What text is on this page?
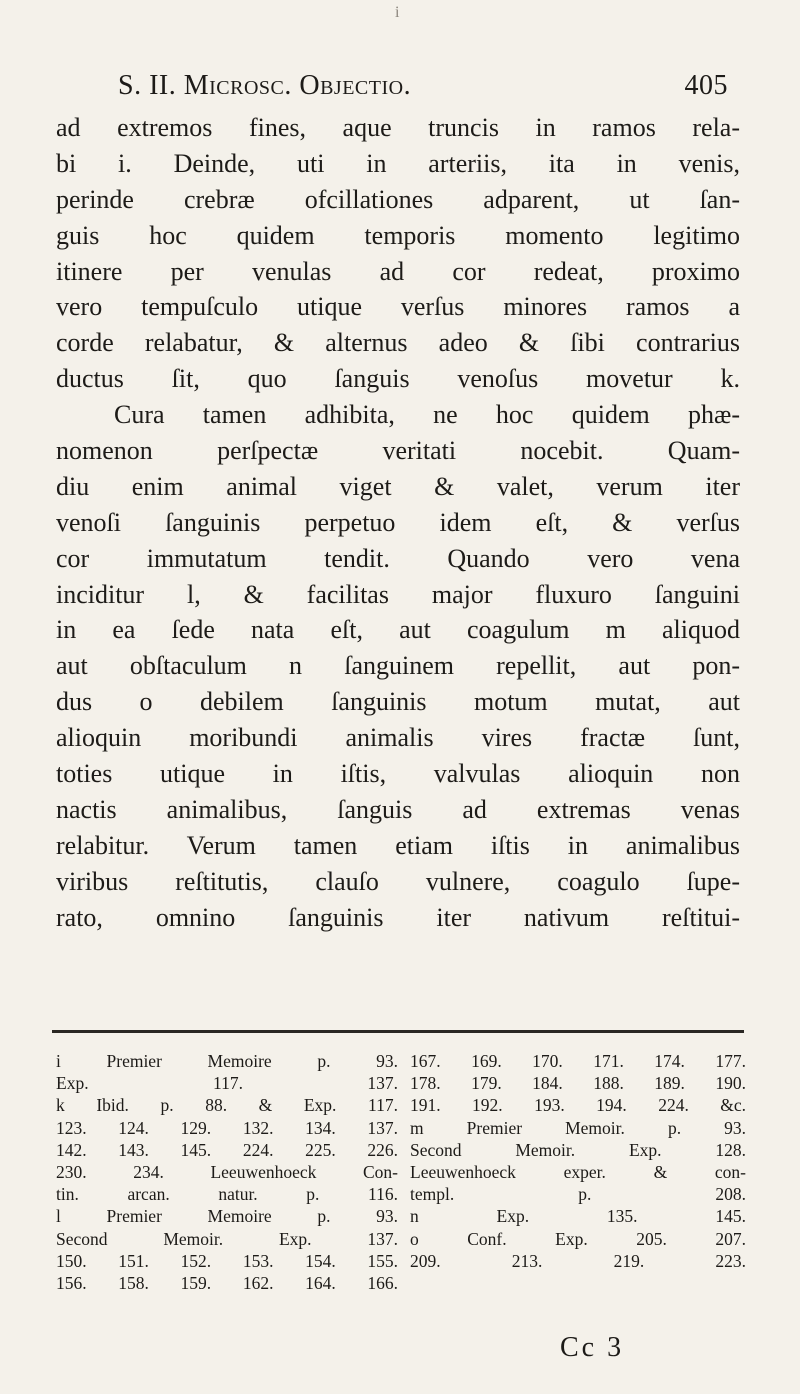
i
S. II. Microsc. Objectio.	405
ad extremos fines, aque truncis in ramos rela-
bi i. Deinde, uti in arteriis, ita in venis,
perinde crebræ ofcillationes adparent, ut ſan-
guis hoc quidem temporis momento legitimo
itinere per venulas ad cor redeat, proximo
vero tempuſculo utique verſus minores ramos a
corde relabatur, & alternus adeo & ſibi contrarius
ductus ſit, quo ſanguis venoſus movetur k.
Cura tamen adhibita, ne hoc quidem phæ-
nomenon perſpectæ veritati nocebit. Quam-
diu enim animal viget & valet, verum iter
venoſi ſanguinis perpetuo idem eſt, & verſus
cor immutatum tendit. Quando vero vena
inciditur l, & facilitas major fluxuro ſanguini
in ea ſede nata eſt, aut coagulum m aliquod
aut obſtaculum n ſanguinem repellit, aut pon-
dus o debilem ſanguinis motum mutat, aut
alioquin moribundi animalis vires fractæ ſunt,
toties utique in iſtis, valvulas alioquin non
nactis animalibus, ſanguis ad extremas venas
relabitur. Verum tamen etiam iſtis in animalibus
viribus reſtitutis, clauſo vulnere, coagulo ſupe-
rato, omnino ſanguinis iter nativum reſtitui-
i Premier Memoire p. 93.
Exp. 117. 137.
k Ibid. p. 88. & Exp. 117.
123. 124. 129. 132. 134. 137.
142. 143. 145. 224. 225. 226.
230. 234. Leeuwenhoeck Con-
tin. arcan. natur. p. 116.
l Premier Memoire p. 93.
Second Memoir. Exp. 137.
150. 151. 152. 153. 154. 155.
156. 158. 159. 162. 164. 166.
167. 169. 170. 171. 174. 177.
178. 179. 184. 188. 189. 190.
191. 192. 193. 194. 224. &c.
m Premier Memoir. p. 93.
Second Memoir. Exp. 128.
Leeuwenhoeck exper. & con-
templ. p. 208.
n Exp. 135. 145.
o Conf. Exp. 205. 207.
209. 213. 219. 223.
Cc 3
